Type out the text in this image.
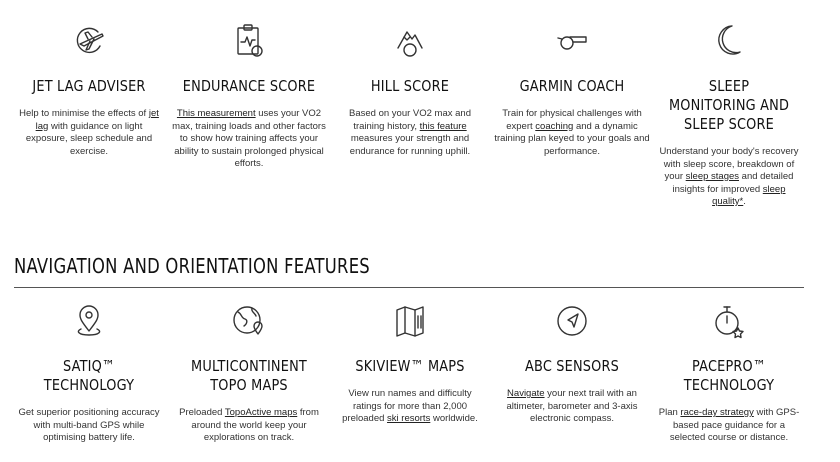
JET LAG ADVISER
Help to minimise the effects of jet lag with guidance on light exposure, sleep schedule and exercise.
ENDURANCE SCORE
This measurement uses your VO2 max, training loads and other factors to show how training affects your ability to sustain prolonged physical efforts.
HILL SCORE
Based on your VO2 max and training history, this feature measures your strength and endurance for running uphill.
GARMIN COACH
Train for physical challenges with expert coaching and a dynamic training plan keyed to your goals and performance.
SLEEP MONITORING AND SLEEP SCORE
Understand your body's recovery with sleep score, breakdown of your sleep stages and detailed insights for improved sleep quality*.
NAVIGATION AND ORIENTATION FEATURES
SATIQ™ TECHNOLOGY
Get superior positioning accuracy with multi-band GPS while optimising battery life.
MULTICONTINENT TOPO MAPS
Preloaded TopoActive maps from around the world keep your explorations on track.
SKIVIEW™ MAPS
View run names and difficulty ratings for more than 2,000 preloaded ski resorts worldwide.
ABC SENSORS
Navigate your next trail with an altimeter, barometer and 3-axis electronic compass.
PACEPRO™ TECHNOLOGY
Plan race-day strategy with GPS-based pace guidance for a selected course or distance.
